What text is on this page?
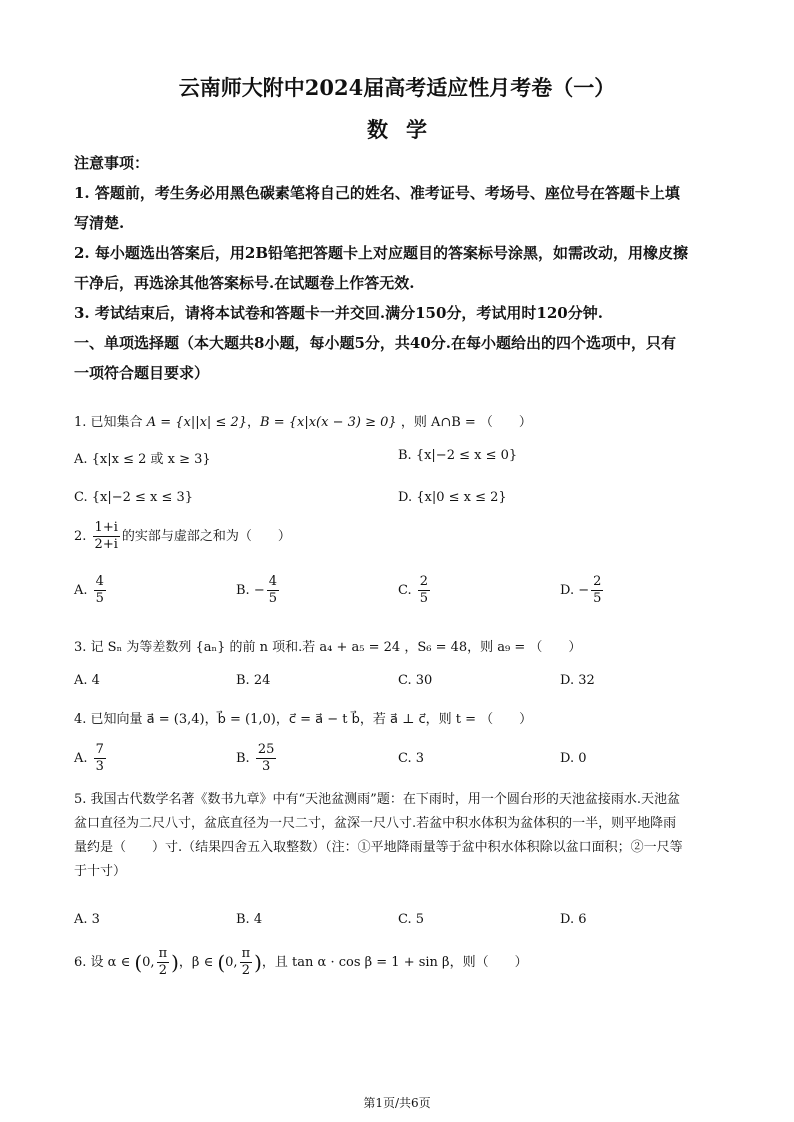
云南师大附中2024届高考适应性月考卷（一）
数学
注意事项：
1. 答题前，考生务必用黑色碳素笔将自己的姓名、准考证号、考场号、座位号在答题卡上填
写清楚.
2. 每小题选出答案后，用2B铅笔把答题卡上对应题目的答案标号涂黑，如需改动，用橡皮擦
干净后，再选涂其他答案标号.在试题卷上作答无效.
3. 考试结束后，请将本试卷和答题卡一并交回.满分150分，考试用时120分钟.
一、单项选择题（本大题共8小题，每小题5分，共40分.在每小题给出的四个选项中，只有
一项符合题目要求）
1. 已知集合 A = {x||x| ≤ 2}，B = {x|x(x − 3) ≥ 0} ，则 A∩B = （　　）
A. {x|x ≤ 2 或 x ≥ 3}	B. {x|−2 ≤ x ≤ 0}
C. {x|−2 ≤ x ≤ 3}	D. {x|0 ≤ x ≤ 2}
2. $\frac{1+i}{2+i}$ 的实部与虚部之和为（　　）
A. $\frac{4}{5}$	B. − $\frac{4}{5}$	C. $\frac{2}{5}$	D. − $\frac{2}{5}$
3. 记 Sₙ 为等差数列 {aₙ} 的前 n 项和.若 a₄ + a₅ = 24 ，S₆ = 48，则 a₉ = （　　）
A. 4	B. 24	C. 30	D. 32
4. 已知向量 a⃗ = (3,4)，b⃗ = (1,0)，c⃗ = a⃗ − t b⃗，若 a⃗ ⊥ c⃗，则 t = （　　）
A. $\frac{7}{3}$	B. $\frac{25}{3}$	C. 3	D. 0
5. 我国古代数学名著《数书九章》中有“天池盆测雨”题：在下雨时，用一个圆台形的天池盆接雨水.天池盆
盆口直径为二尺八寸，盆底直径为一尺二寸，盆深一尺八寸.若盆中积水体积为盆体积的一半，则平地降雨
量约是（　　）寸.（结果四舍五入取整数）（注：①平地降雨量等于盆中积水体积除以盆口面积；②一尺等
于十寸）
A. 3	B. 4	C. 5	D. 6
6. 设 α ∈ (0, $\frac{\pi}{2}$ )，β ∈ (0, $\frac{\pi}{2}$ )，且 tan α · cos β = 1 + sin β，则（　　）
第1页/共6页
